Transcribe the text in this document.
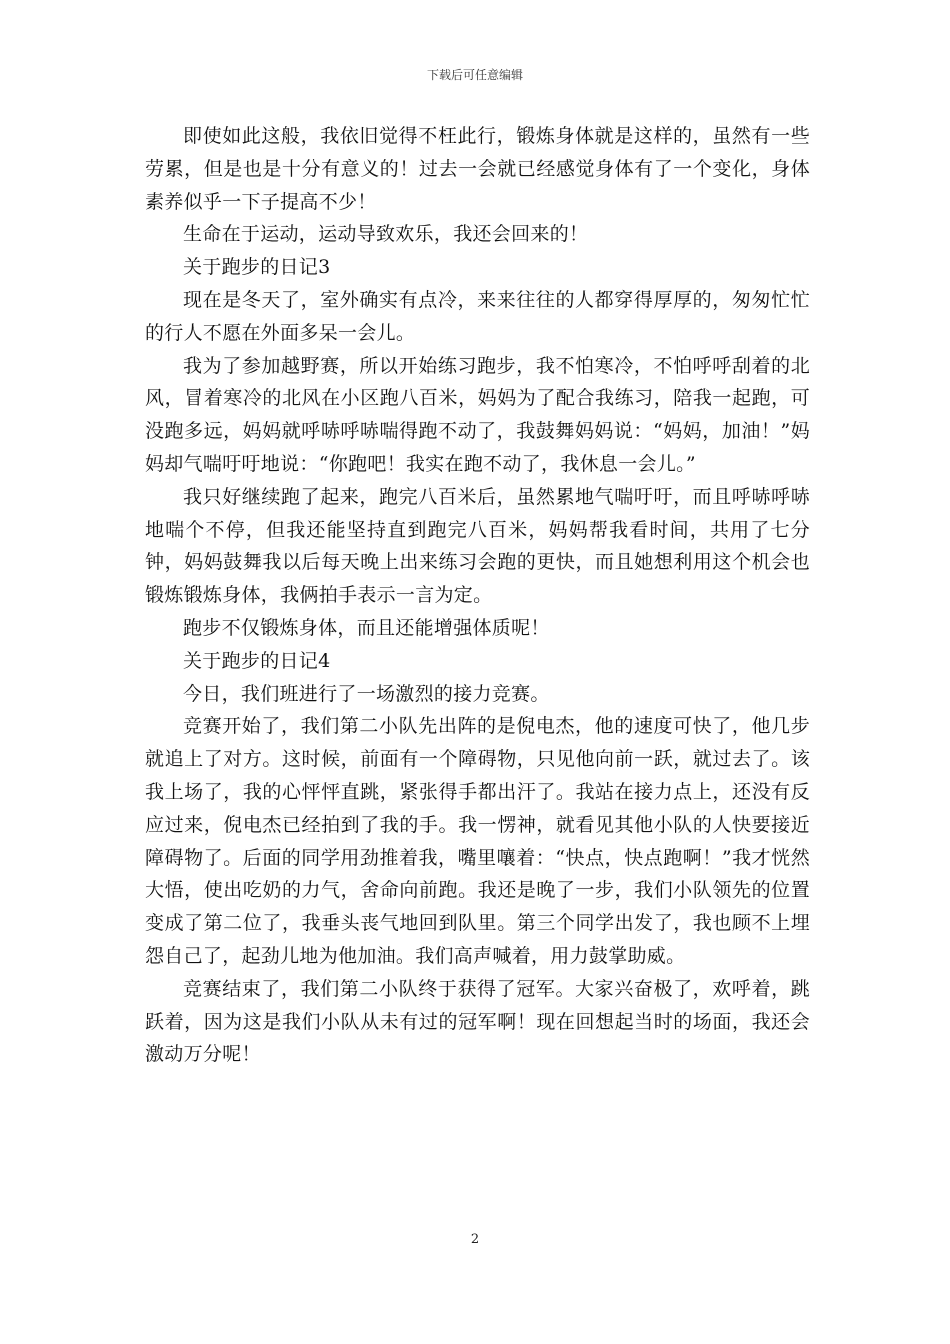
下载后可任意编辑

即使如此这般，我依旧觉得不枉此行，锻炼身体就是这样的，虽然有一些劳累，但是也是十分有意义的！过去一会就已经感觉身体有了一个变化，身体素养似乎一下子提高不少！

生命在于运动，运动导致欢乐，我还会回来的！

关于跑步的日记3

现在是冬天了，室外确实有点冷，来来往往的人都穿得厚厚的，匆匆忙忙的行人不愿在外面多呆一会儿。

我为了参加越野赛，所以开始练习跑步，我不怕寒冷，不怕呼呼刮着的北风，冒着寒冷的北风在小区跑八百米，妈妈为了配合我练习，陪我一起跑，可没跑多远，妈妈就呼哧呼哧喘得跑不动了，我鼓舞妈妈说：“妈妈，加油！”妈妈却气喘吁吁地说：“你跑吧！我实在跑不动了，我休息一会儿。”

我只好继续跑了起来，跑完八百米后，虽然累地气喘吁吁，而且呼哧呼哧地喘个不停，但我还能坚持直到跑完八百米，妈妈帮我看时间，共用了七分钟，妈妈鼓舞我以后每天晚上出来练习会跑的更快，而且她想利用这个机会也锻炼锻炼身体，我俩拍手表示一言为定。

跑步不仅锻炼身体，而且还能增强体质呢！

关于跑步的日记4

今日，我们班进行了一场激烈的接力竞赛。

竞赛开始了，我们第二小队先出阵的是倪电杰，他的速度可快了，他几步就追上了对方。这时候，前面有一个障碍物，只见他向前一跃，就过去了。该我上场了，我的心怦怦直跳，紧张得手都出汗了。我站在接力点上，还没有反应过来，倪电杰已经拍到了我的手。我一愣神，就看见其他小队的人快要接近障碍物了。后面的同学用劲推着我，嘴里嚷着：“快点，快点跑啊！”我才恍然大悟，使出吃奶的力气，舍命向前跑。我还是晚了一步，我们小队领先的位置变成了第二位了，我垂头丧气地回到队里。第三个同学出发了，我也顾不上埋怨自己了，起劲儿地为他加油。我们高声喊着，用力鼓掌助威。

竞赛结束了，我们第二小队终于获得了冠军。大家兴奋极了，欢呼着，跳跃着，因为这是我们小队从未有过的冠军啊！现在回想起当时的场面，我还会激动万分呢！

2
